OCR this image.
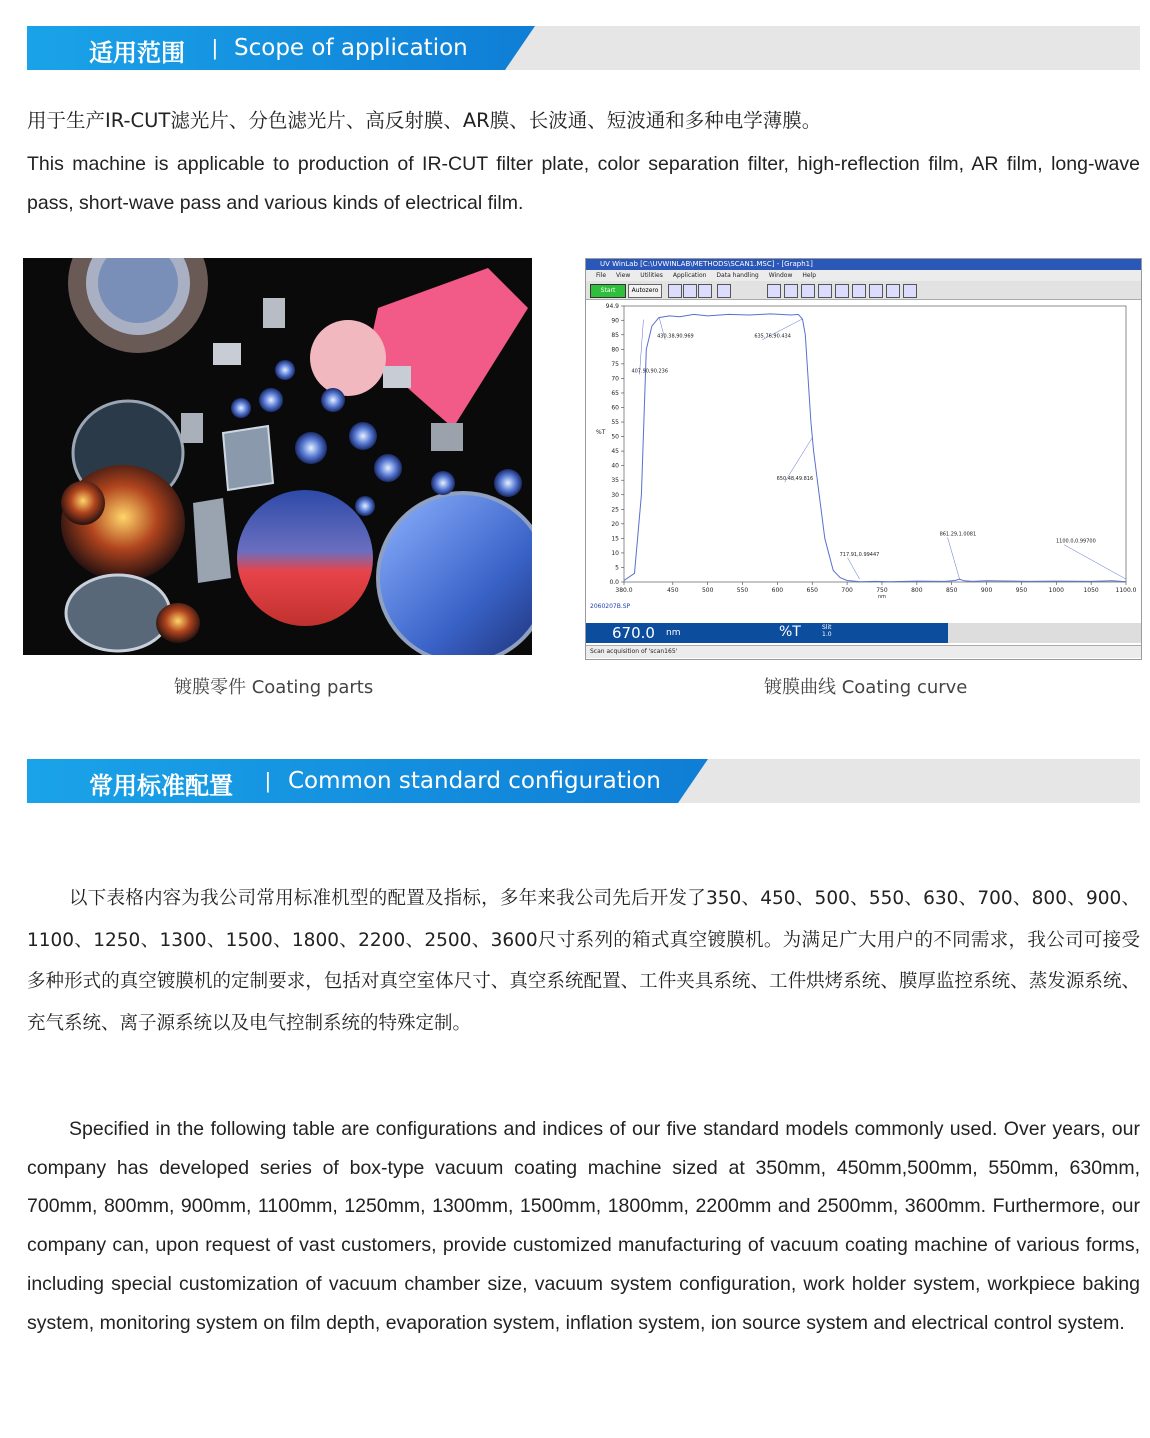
适用范围 | Scope of application
用于生产IR-CUT滤光片、分色滤光片、高反射膜、AR膜、长波通、短波通和多种电学薄膜。
This machine is applicable to production of IR-CUT filter plate, color separation filter, high-reflection film, AR film, long-wave pass, short-wave pass and various kinds of electrical film.
镀膜零件 Coating parts
UV WinLab [C:\UVWINLAB\METHODS\SCAN1.MSC] - [Graph1]
File View Utilities Application Data handling Window Help
Start	Autozero
380.0	450	500	550	600	650	700	750	800	850	900	950	1000	1050	1100.0
0.0
5
10
15
20
25
30
35
40
45
50
55
60
65
70
75
80
85
90
94.9
%T
nm
407.90,90.236
430.38,90.969	635.76,90.434
650.48,49.816
717.91,0.99447
861.29,1.0081
1100.0,0.99700
2060207B.SP
670.0 nm	%T	Slit
1.0
Scan acquisition of 'scan165'
镀膜曲线 Coating curve
常用标准配置 | Common standard configuration
以下表格内容为我公司常用标准机型的配置及指标，多年来我公司先后开发了350、450、500、550、630、700、800、900、1100、1250、1300、1500、1800、2200、2500、3600尺寸系列的箱式真空镀膜机。为满足广大用户的不同需求，我公司可接受多种形式的真空镀膜机的定制要求，包括对真空室体尺寸、真空系统配置、工件夹具系统、工件烘烤系统、膜厚监控系统、蒸发源系统、充气系统、离子源系统以及电气控制系统的特殊定制。
Specified in the following table are configurations and indices of our five standard models commonly used. Over years, our company has developed series of box-type vacuum coating machine sized at 350mm, 450mm,500mm, 550mm, 630mm, 700mm, 800mm, 900mm, 1100mm, 1250mm, 1300mm, 1500mm, 1800mm, 2200mm and 2500mm, 3600mm. Furthermore, our company can, upon request of vast customers, provide customized manufacturing of vacuum coating machine of various forms, including special customization of vacuum chamber size, vacuum system configuration, work holder system, workpiece baking system, monitoring system on film depth, evaporation system, inflation system, ion source system and electrical control system.
